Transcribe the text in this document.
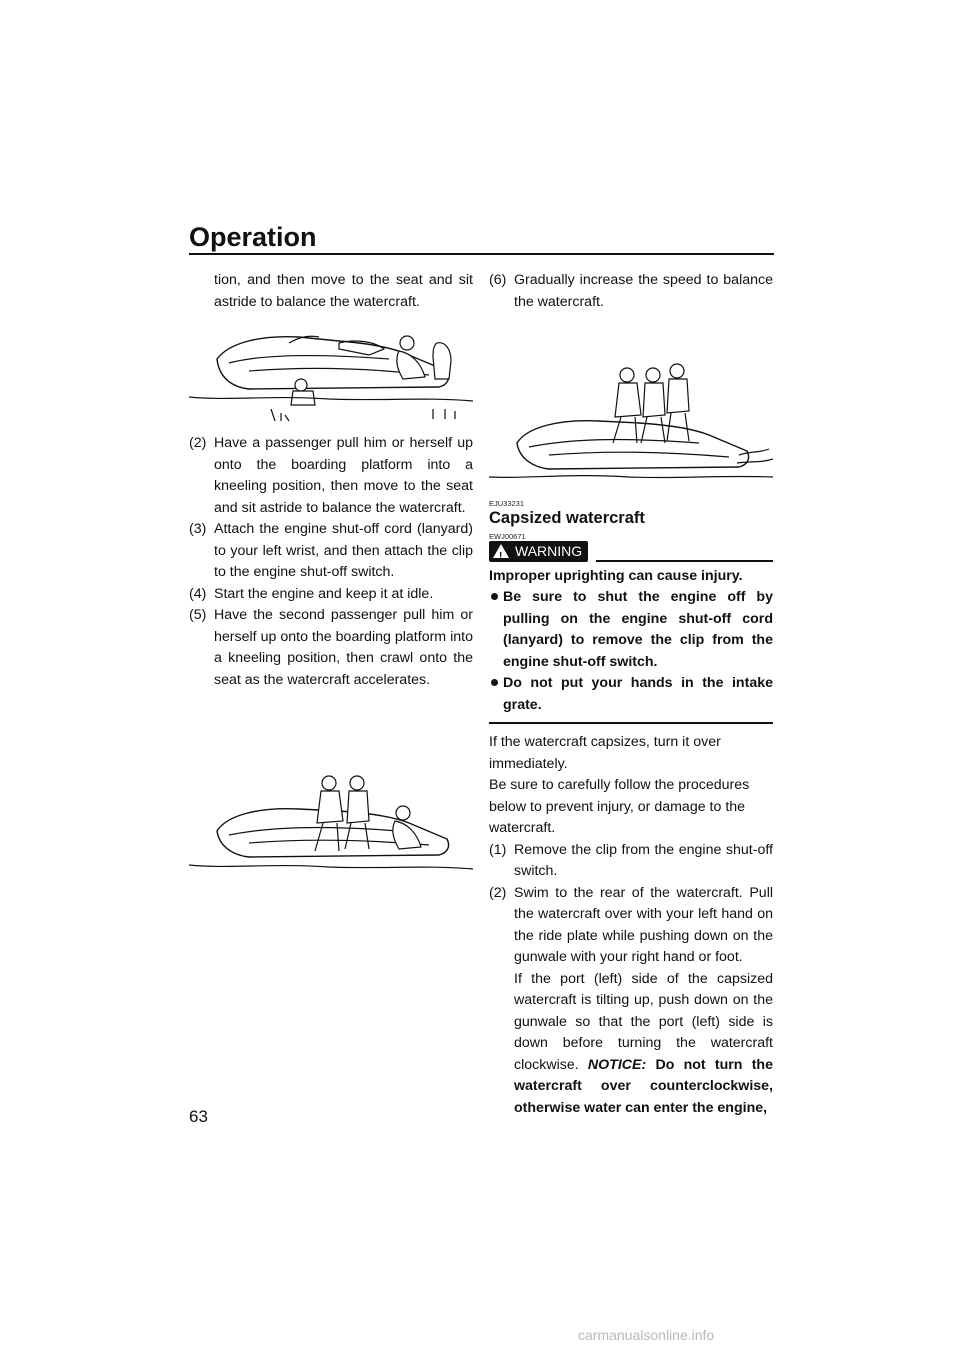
Operation

tion, and then move to the seat and sit astride to balance the watercraft.

(2) Have a passenger pull him or herself up onto the boarding platform into a kneeling position, then move to the seat and sit astride to balance the watercraft.
(3) Attach the engine shut-off cord (lanyard) to your left wrist, and then attach the clip to the engine shut-off switch.
(4) Start the engine and keep it at idle.
(5) Have the second passenger pull him or herself up onto the boarding platform into a kneeling position, then crawl onto the seat as the watercraft accelerates.
(6) Gradually increase the speed to balance the watercraft.
EJU33231
Capsized watercraft
EWJ00671
! WARNING

Improper uprighting can cause injury.

Be sure to shut the engine off by pulling on the engine shut-off cord (lanyard) to remove the clip from the engine shut-off switch.
Do not put your hands in the intake grate.

If the watercraft capsizes, turn it over immediately.

Be sure to carefully follow the procedures below to prevent injury, or damage to the watercraft.

(1) Remove the clip from the engine shut-off switch.
(2) Swim to the rear of the watercraft. Pull the watercraft over with your left hand on the ride plate while pushing down on the gunwale with your right hand or foot.

If the port (left) side of the capsized watercraft is tilting up, push down on the gunwale so that the port (left) side is down before turning the watercraft clockwise. NOTICE: Do not turn the watercraft over counterclockwise, otherwise water can enter the engine,

63
carmanualsonline.info
